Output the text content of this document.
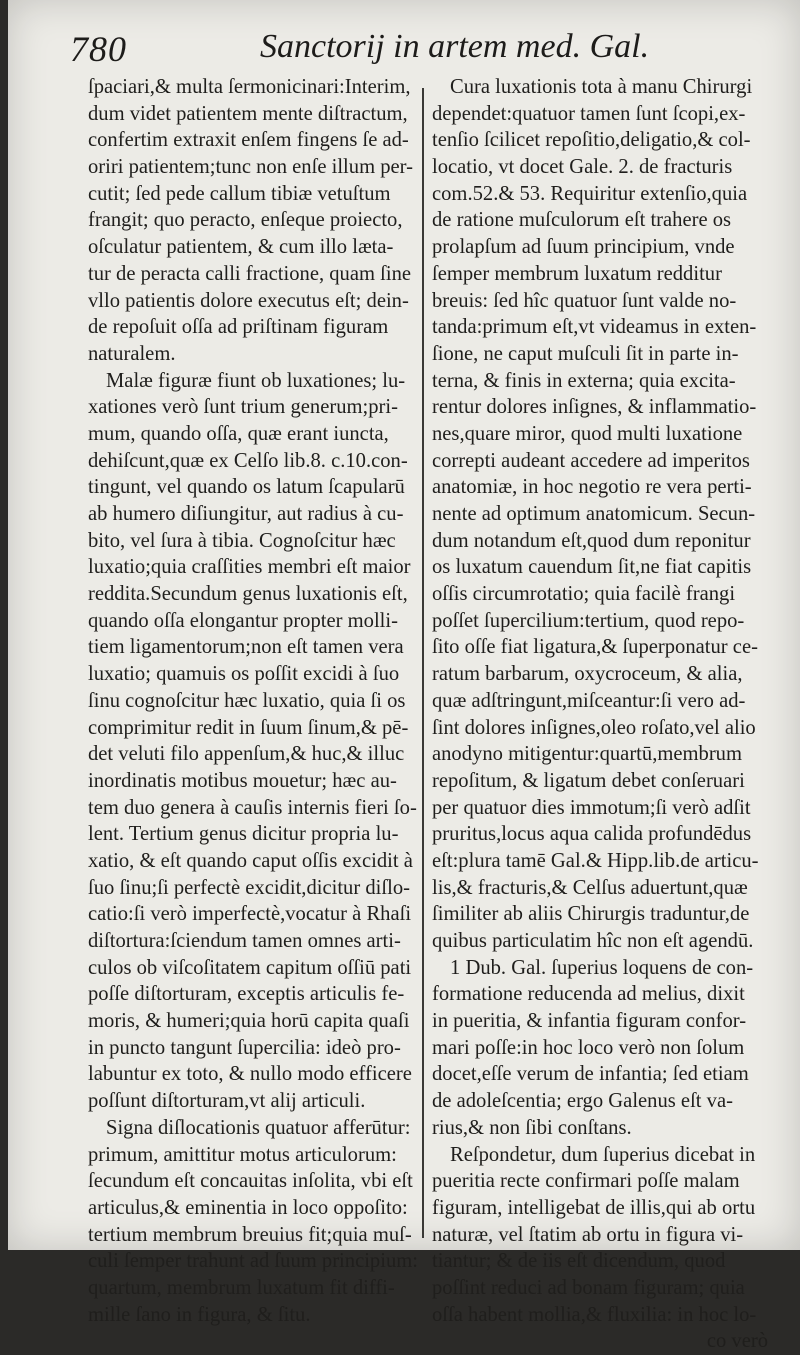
780	Sanctorij in artem med. Gal.
ſpaciari,& multa ſermonicinari:Interim,
dum videt patientem mente diſtractum,
confertim extraxit enſem fingens ſe ad-
oriri patientem;tunc non enſe illum per-
cutit; ſed pede callum tibiæ vetuſtum
frangit; quo peracto, enſeque proiecto,
oſculatur patientem, & cum illo læta-
tur de peracta calli fractione, quam ſine
vllo patientis dolore executus eſt; dein-
de repoſuit oſſa ad priſtinam figuram
naturalem.
Malæ figuræ fiunt ob luxationes; lu-
xationes verò ſunt trium generum;pri-
mum, quando oſſa, quæ erant iuncta,
dehiſcunt,quæ ex Celſo lib.8. c.10.con-
tingunt, vel quando os latum ſcapularū
ab humero diſiungitur, aut radius à cu-
bito, vel ſura à tibia. Cognoſcitur hæc
luxatio;quia craſſities membri eſt maior
reddita.Secundum genus luxationis eſt,
quando oſſa elongantur propter molli-
tiem ligamentorum;non eſt tamen vera
luxatio; quamuis os poſſit excidi à ſuo
ſinu cognoſcitur hæc luxatio, quia ſi os
comprimitur redit in ſuum ſinum,& pē-
det veluti filo appenſum,& huc,& illuc
inordinatis motibus mouetur; hæc au-
tem duo genera à cauſis internis fieri ſo-
lent. Tertium genus dicitur propria lu-
xatio, & eſt quando caput oſſis excidit à
ſuo ſinu;ſi perfectè excidit,dicitur diſlo-
catio:ſi verò imperfectè,vocatur à Rhaſi
diſtortura:ſciendum tamen omnes arti-
culos ob viſcoſitatem capitum oſſiū pati
poſſe diſtorturam, exceptis articulis fe-
moris, & humeri;quia horū capita quaſi
in puncto tangunt ſupercilia: ideò pro-
labuntur ex toto, & nullo modo efficere
poſſunt diſtorturam,vt alij articuli.
Signa diſlocationis quatuor afferūtur:
primum, amittitur motus articulorum:
ſecundum eſt concauitas inſolita, vbi eſt
articulus,& eminentia in loco oppoſito:
tertium membrum breuius fit;quia muſ-
culi ſemper trahunt ad ſuum principium:
quartum, membrum luxatum fit diffi-
mille ſano in figura, & ſitu.
Cura luxationis tota à manu Chirurgi
dependet:quatuor tamen ſunt ſcopi,ex-
tenſio ſcilicet repoſitio,deligatio,& col-
locatio, vt docet Gale. 2. de fracturis
com.52.& 53. Requiritur extenſio,quia
de ratione muſculorum eſt trahere os
prolapſum ad ſuum principium, vnde
ſemper membrum luxatum redditur
breuis: ſed hîc quatuor ſunt valde no-
tanda:primum eſt,vt videamus in exten-
ſione, ne caput muſculi ſit in parte in-
terna, & finis in externa; quia excita-
rentur dolores inſignes, & inflammatio-
nes,quare miror, quod multi luxatione
correpti audeant accedere ad imperitos
anatomiæ, in hoc negotio re vera perti-
nente ad optimum anatomicum. Secun-
dum notandum eſt,quod dum reponitur
os luxatum cauendum ſit,ne fiat capitis
oſſis circumrotatio; quia facilè frangi
poſſet ſupercilium:tertium, quod repo-
ſito oſſe fiat ligatura,& ſuperponatur ce-
ratum barbarum, oxycroceum, & alia,
quæ adſtringunt,miſceantur:ſi vero ad-
ſint dolores inſignes,oleo roſato,vel alio
anodyno mitigentur:quartū,membrum
repoſitum, & ligatum debet conſeruari
per quatuor dies immotum;ſi verò adſit
pruritus,locus aqua calida profundēdus
eſt:plura tamē Gal.& Hipp.lib.de articu-
lis,& fracturis,& Celſus aduertunt,quæ
ſimiliter ab aliis Chirurgis traduntur,de
quibus particulatim hîc non eſt agendū.
1 Dub. Gal. ſuperius loquens de con-
formatione reducenda ad melius, dixit
in pueritia, & infantia figuram confor-
mari poſſe:in hoc loco verò non ſolum
docet,eſſe verum de infantia; ſed etiam
de adoleſcentia; ergo Galenus eſt va-
rius,& non ſibi conſtans.
Reſpondetur, dum ſuperius dicebat in
pueritia recte confirmari poſſe malam
figuram, intelligebat de illis,qui ab ortu
naturæ, vel ſtatim ab ortu in figura vi-
tiantur; & de iis eſt dicendum, quod
poſſint reduci ad bonam figuram; quia
oſſa habent mollia,& fluxilia: in hoc lo-
co verò
